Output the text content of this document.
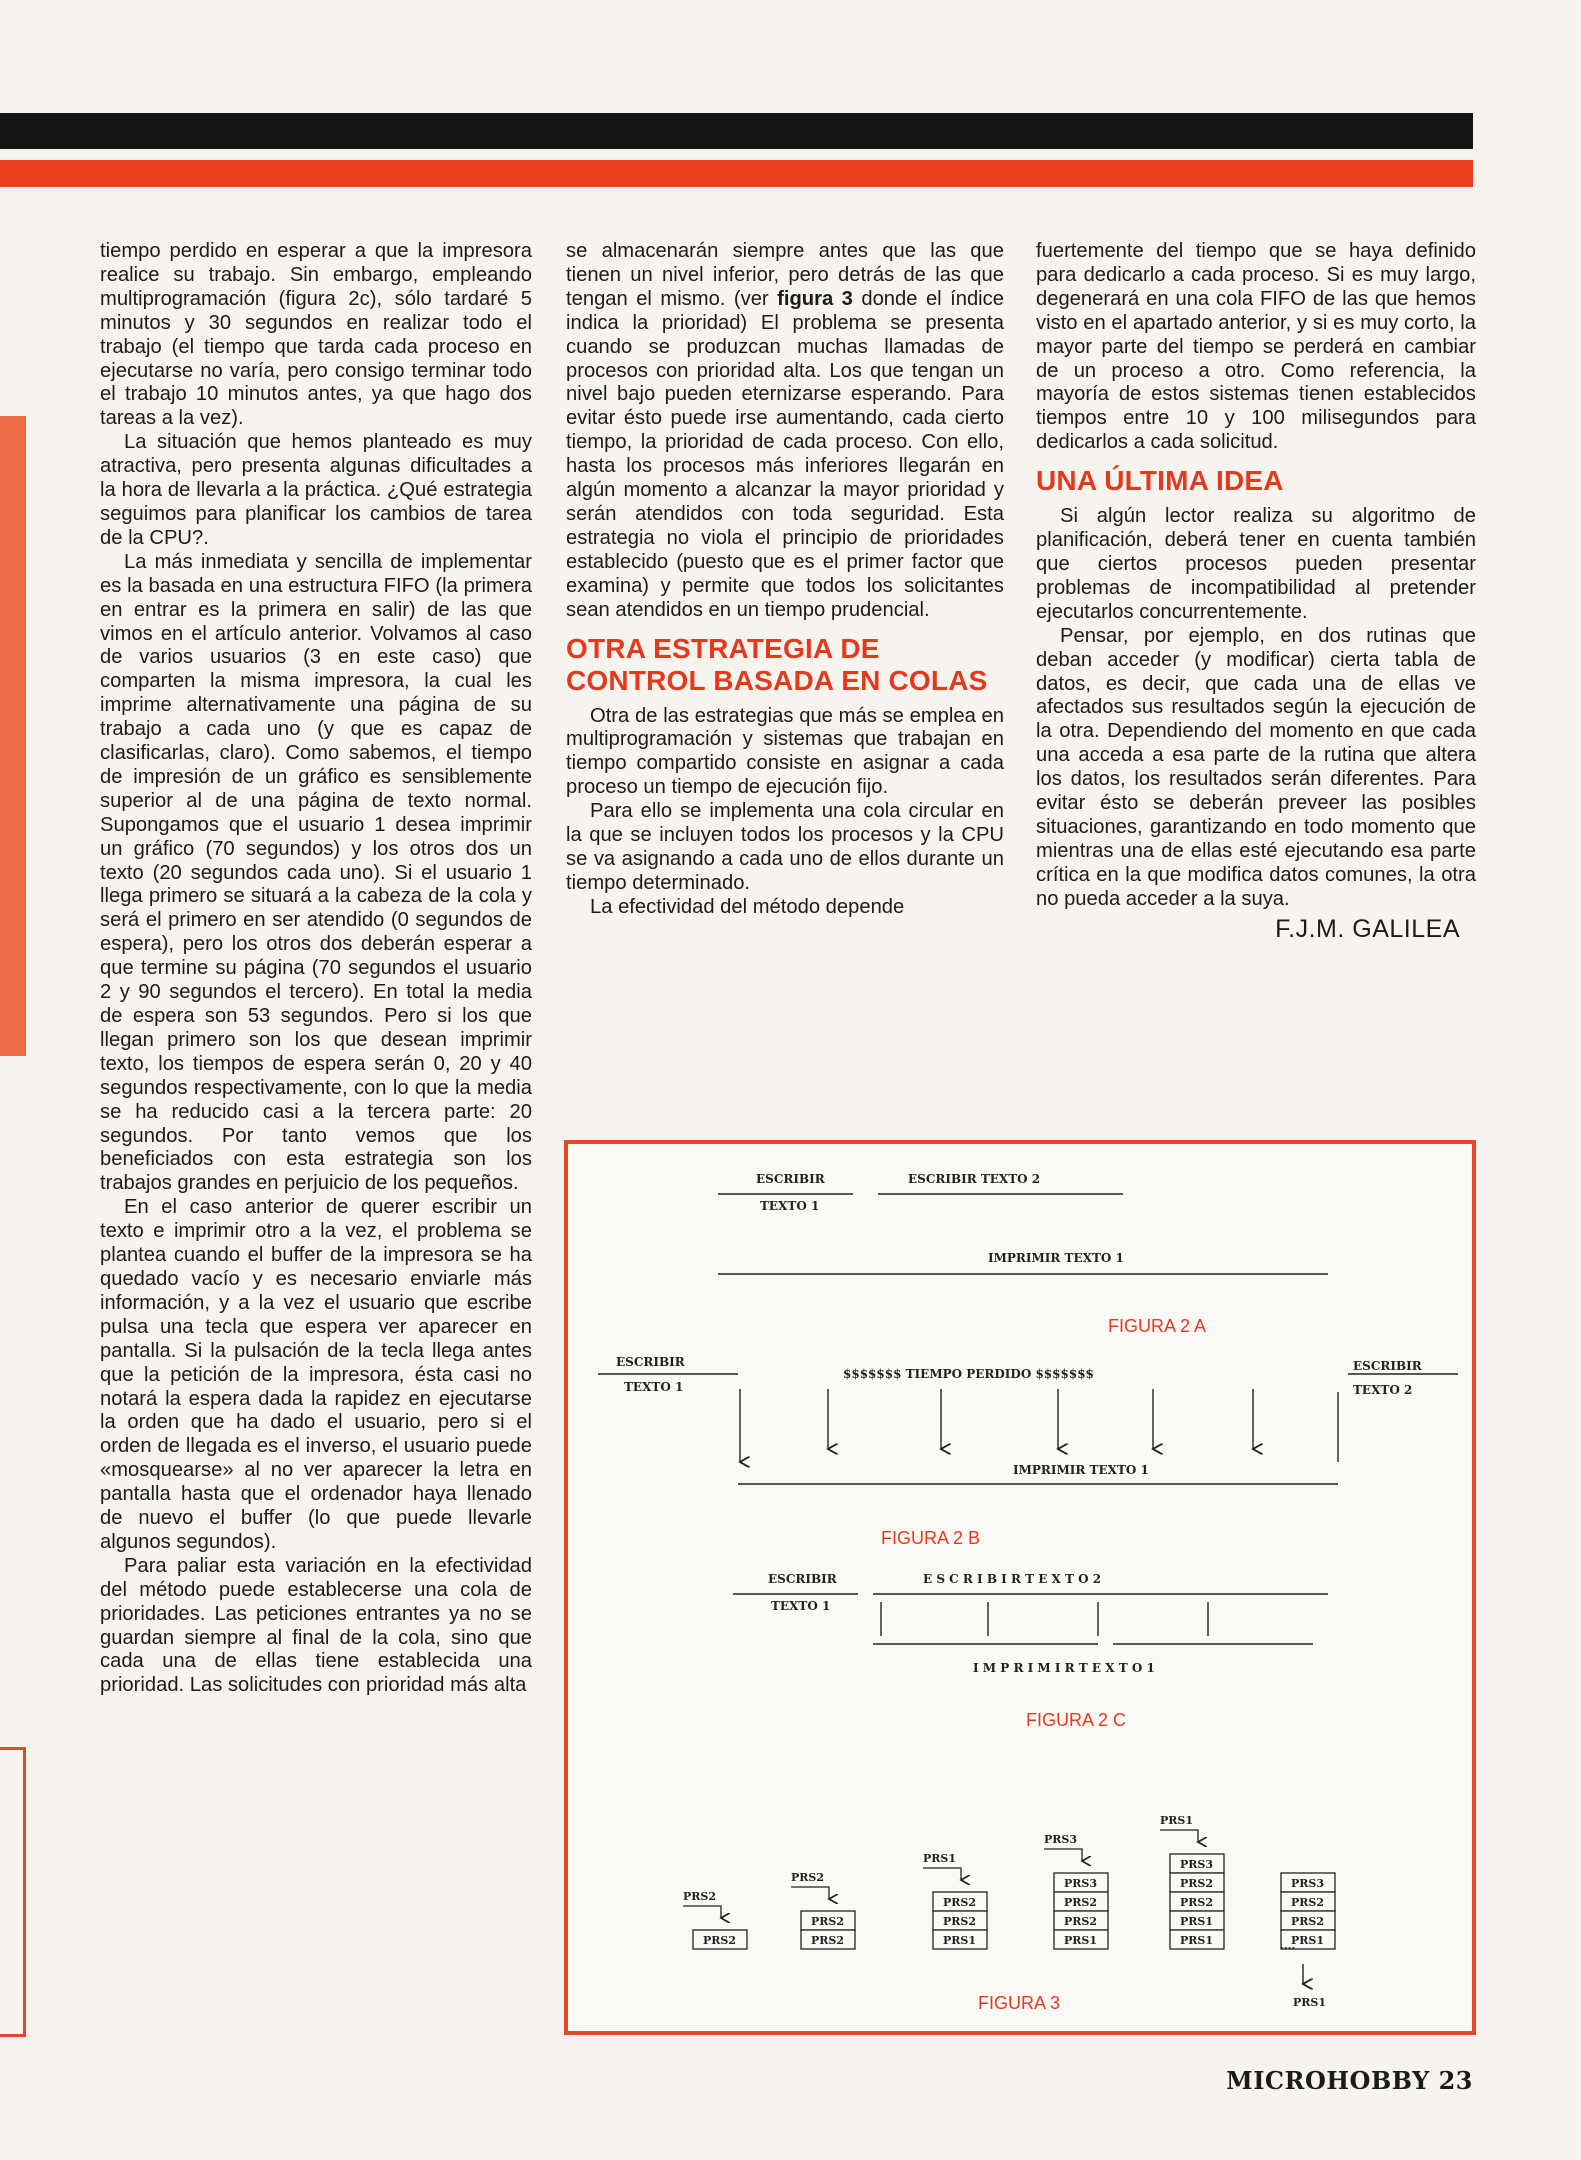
tiempo perdido en esperar a que la impresora realice su trabajo. Sin embargo, empleando multiprogramación (figura 2c), sólo tardaré 5 minutos y 30 segundos en realizar todo el trabajo (el tiempo que tarda cada proceso en ejecutarse no varía, pero consigo terminar todo el trabajo 10 minutos antes, ya que hago dos tareas a la vez).

La situación que hemos planteado es muy atractiva, pero presenta algunas dificultades a la hora de llevarla a la práctica. ¿Qué estrategia seguimos para planificar los cambios de tarea de la CPU?.

La más inmediata y sencilla de implementar es la basada en una estructura FIFO (la primera en entrar es la primera en salir) de las que vimos en el artículo anterior. Volvamos al caso de varios usuarios (3 en este caso) que comparten la misma impresora, la cual les imprime alternativamente una página de su trabajo a cada uno (y que es capaz de clasificarlas, claro). Como sabemos, el tiempo de impresión de un gráfico es sensiblemente superior al de una página de texto normal. Supongamos que el usuario 1 desea imprimir un gráfico (70 segundos) y los otros dos un texto (20 segundos cada uno). Si el usuario 1 llega primero se situará a la cabeza de la cola y será el primero en ser atendido (0 segundos de espera), pero los otros dos deberán esperar a que termine su página (70 segundos el usuario 2 y 90 segundos el tercero). En total la media de espera son 53 segundos. Pero si los que llegan primero son los que desean imprimir texto, los tiempos de espera serán 0, 20 y 40 segundos respectivamente, con lo que la media se ha reducido casi a la tercera parte: 20 segundos. Por tanto vemos que los beneficiados con esta estrategia son los trabajos grandes en perjuicio de los pequeños.

En el caso anterior de querer escribir un texto e imprimir otro a la vez, el problema se plantea cuando el buffer de la impresora se ha quedado vacío y es necesario enviarle más información, y a la vez el usuario que escribe pulsa una tecla que espera ver aparecer en pantalla. Si la pulsación de la tecla llega antes que la petición de la impresora, ésta casi no notará la espera dada la rapidez en ejecutarse la orden que ha dado el usuario, pero si el orden de llegada es el inverso, el usuario puede «mosquearse» al no ver aparecer la letra en pantalla hasta que el ordenador haya llenado de nuevo el buffer (lo que puede llevarle algunos segundos).

Para paliar esta variación en la efectividad del método puede establecerse una cola de prioridades. Las peticiones entrantes ya no se guardan siempre al final de la cola, sino que cada una de ellas tiene establecida una prioridad. Las solicitudes con prioridad más alta

se almacenarán siempre antes que las que tienen un nivel inferior, pero detrás de las que tengan el mismo. (ver figura 3 donde el índice indica la prioridad) El problema se presenta cuando se produzcan muchas llamadas de procesos con prioridad alta. Los que tengan un nivel bajo pueden eternizarse esperando. Para evitar ésto puede irse aumentando, cada cierto tiempo, la prioridad de cada proceso. Con ello, hasta los procesos más inferiores llegarán en algún momento a alcanzar la mayor prioridad y serán atendidos con toda seguridad. Esta estrategia no viola el principio de prioridades establecido (puesto que es el primer factor que examina) y permite que todos los solicitantes sean atendidos en un tiempo prudencial.

OTRA ESTRATEGIA DE
CONTROL BASADA EN COLAS

Otra de las estrategias que más se emplea en multiprogramación y sistemas que trabajan en tiempo compartido consiste en asignar a cada proceso un tiempo de ejecución fijo.

Para ello se implementa una cola circular en la que se incluyen todos los procesos y la CPU se va asignando a cada uno de ellos durante un tiempo determinado.

La efectividad del método depende

fuertemente del tiempo que se haya definido para dedicarlo a cada proceso. Si es muy largo, degenerará en una cola FIFO de las que hemos visto en el apartado anterior, y si es muy corto, la mayor parte del tiempo se perderá en cambiar de un proceso a otro. Como referencia, la mayoría de estos sistemas tienen establecidos tiempos entre 10 y 100 milisegundos para dedicarlos a cada solicitud.

UNA ÚLTIMA IDEA

Si algún lector realiza su algoritmo de planificación, deberá tener en cuenta también que ciertos procesos pueden presentar problemas de incompatibilidad al pretender ejecutarlos concurrentemente.

Pensar, por ejemplo, en dos rutinas que deban acceder (y modificar) cierta tabla de datos, es decir, que cada una de ellas ve afectados sus resultados según la ejecución de la otra. Dependiendo del momento en que cada una acceda a esa parte de la rutina que altera los datos, los resultados serán diferentes. Para evitar ésto se deberán preveer las posibles situaciones, garantizando en todo momento que mientras una de ellas esté ejecutando esa parte crítica en la que modifica datos comunes, la otra no pueda acceder a la suya.

F.J.M. GALILEA
ESCRIBIR
TEXTO 1
ESCRIBIR TEXTO 2
IMPRIMIR TEXTO 1
FIGURA 2 A
ESCRIBIR
TEXTO 1
$$$$$$$ TIEMPO PERDIDO $$$$$$$
ESCRIBIR
TEXTO 2
IMPRIMIR TEXTO 1
FIGURA 2 B
ESCRIBIR
TEXTO 1
E S C R I B I R T E X T O 2
I M P R I M I R T E X T O 1
FIGURA 2 C
PRS2
PRS2
PRS1
PRS3
PRS1
PRS2
PRS2
PRS2
PRS2
PRS2
PRS1
PRS3
PRS2
PRS2
PRS1
PRS3
PRS2
PRS2
PRS1
PRS1
PRS3
PRS2
PRS2
PRS1
....
PRS1
FIGURA 3
MICROHOBBY 23
